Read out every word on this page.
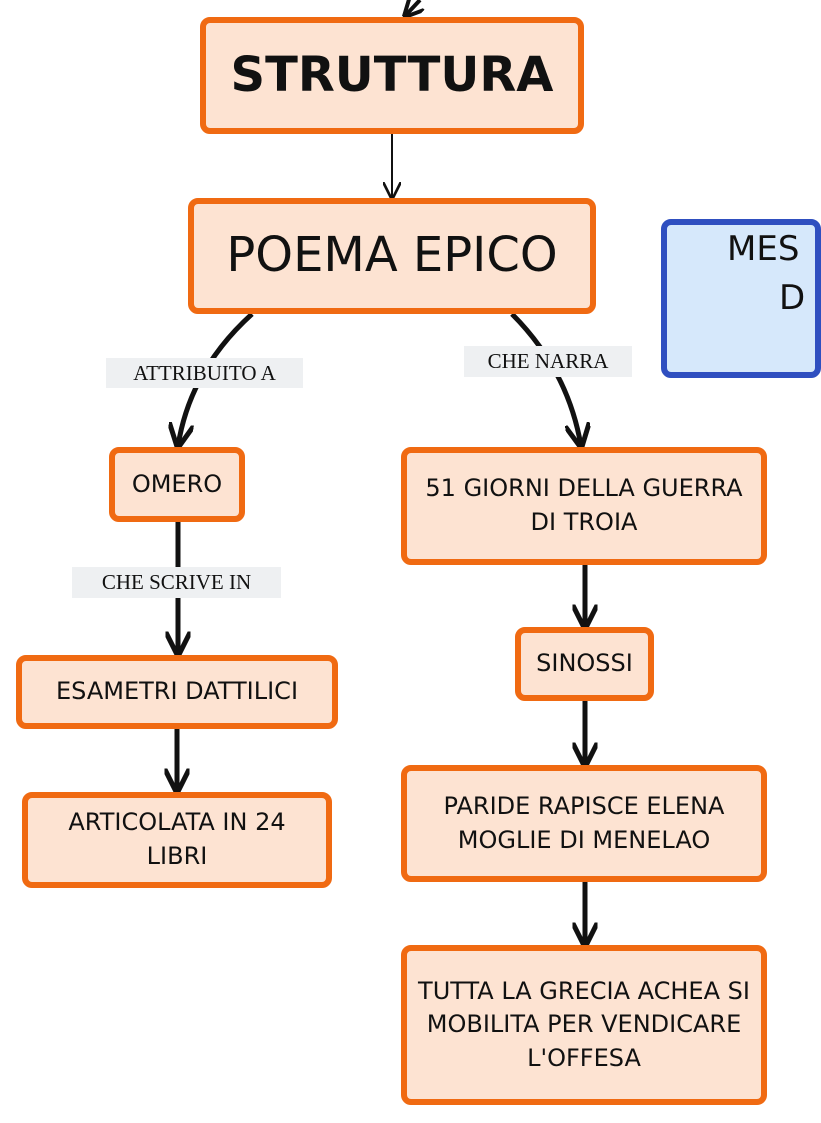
STRUTTURA
POEMA EPICO	MES
D
ATTRIBUITO A	CHE NARRA
OMERO	51 GIORNI DELLA GUERRA DI TROIA
CHE SCRIVE IN
SINOSSI
ESAMETRI DATTILICI
PARIDE RAPISCE ELENA MOGLIE DI MENELAO
ARTICOLATA IN 24 LIBRI
TUTTA LA GRECIA ACHEA SI MOBILITA PER VENDICARE L'OFFESA
